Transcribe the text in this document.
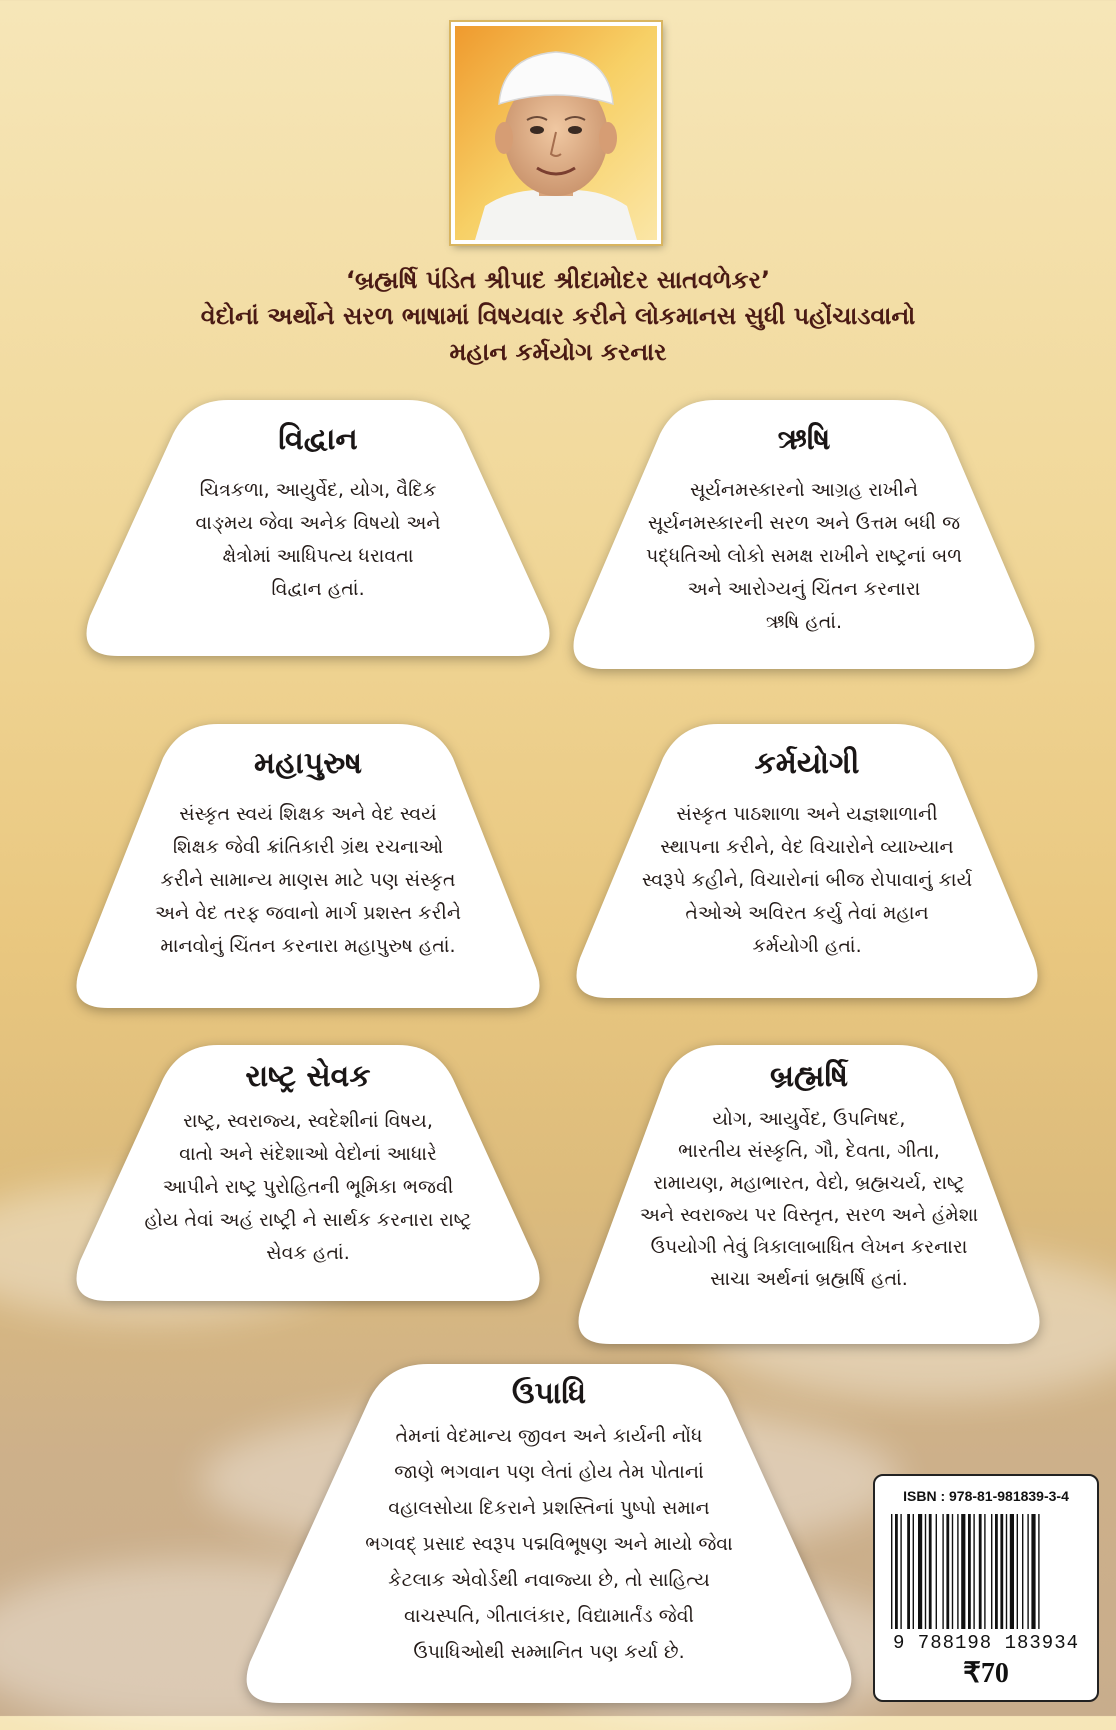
‘બ્રહ્મર્ષિ પંડિત શ્રીપાદ શ્રીદામોદર સાતવળેકર’
વેદોનાં અર્થોને સરળ ભાષામાં વિષયવાર કરીને લોકમાનસ સુધી પહોંચાડવાનો
મહાન કર્મયોગ કરનાર
વિદ્વાન
ચિત્રકળા, આયુર્વેદ, યોગ, વૈદિક
વાઙ્મય જેવા અનેક વિષયો અને
ક્ષેત્રોમાં આધિપત્ય ધરાવતા
વિદ્વાન હતાં.
ઋષિ
સૂર્યનમસ્કારનો આગ્રહ રાખીને
સૂર્યનમસ્કારની સરળ અને ઉત્તમ બધી જ
પદ્ધતિઓ લોકો સમક્ષ રાખીને રાષ્ટ્રનાં બળ
અને આરોગ્યનું ચિંતન કરનારા
ઋષિ હતાં.
મહાપુરુષ
સંસ્કૃત સ્વયં શિક્ષક અને વેદ સ્વયં
શિક્ષક જેવી ક્રાંતિકારી ગ્રંથ રચનાઓ
કરીને સામાન્ય માણસ માટે પણ સંસ્કૃત
અને વેદ તરફ જવાનો માર્ગ પ્રશસ્ત કરીને
માનવોનું ચિંતન કરનારા મહાપુરુષ હતાં.
કર્મયોગી
સંસ્કૃત પાઠશાળા અને યજ્ઞશાળાની
સ્થાપના કરીને, વેદ વિચારોને વ્યાખ્યાન
સ્વરૂપે કહીને, વિચારોનાં બીજ રોપાવાનું કાર્ય
તેઓએ અવિરત કર્યુ તેવાં મહાન
કર્મયોગી હતાં.
રાષ્ટ્ર સેવક
રાષ્ટ્ર, સ્વરાજ્ય, સ્વદેશીનાં વિષય,
વાતો અને સંદેશાઓ વેદોનાં આધારે
આપીને રાષ્ટ્ર પુરોહિતની ભૂમિકા ભજવી
હોય તેવાં અહં રાષ્ટ્રી ને સાર્થક કરનારા રાષ્ટ્ર
સેવક હતાં.
બ્રહ્મર્ષિ
યોગ, આયુર્વેદ, ઉપનિષદ,
ભારતીય સંસ્કૃતિ, ગૌ, દેવતા, ગીતા,
રામાયણ, મહાભારત, વેદો, બ્રહ્મચર્ય, રાષ્ટ્ર
અને સ્વરાજ્ય પર વિસ્તૃત, સરળ અને હંમેશા
ઉપયોગી તેવું ત્રિકાલાબાધિત લેખન કરનારા
સાચા અર્થનાં બ્રહ્મર્ષિ હતાં.
ઉપાધિ
તેમનાં વેદમાન્ય જીવન અને કાર્યની નોંધ
જાણે ભગવાન પણ લેતાં હોય તેમ પોતાનાં
વહાલસોયા દિકરાને પ્રશસ્તિનાં પુષ્પો સમાન
ભગવદ્ પ્રસાદ સ્વરૂપ પદ્મવિભૂષણ અને માયો જેવા
કેટલાક એવોર્ડથી નવાજ્યા છે, તો સાહિત્ય
વાચસ્પતિ, ગીતાલંકાર, વિદ્યામાર્તંડ જેવી
ઉપાધિઓથી સમ્માનિત પણ કર્યા છે.
ISBN : 978-81-981839-3-4
9 788198 183934
₹70
